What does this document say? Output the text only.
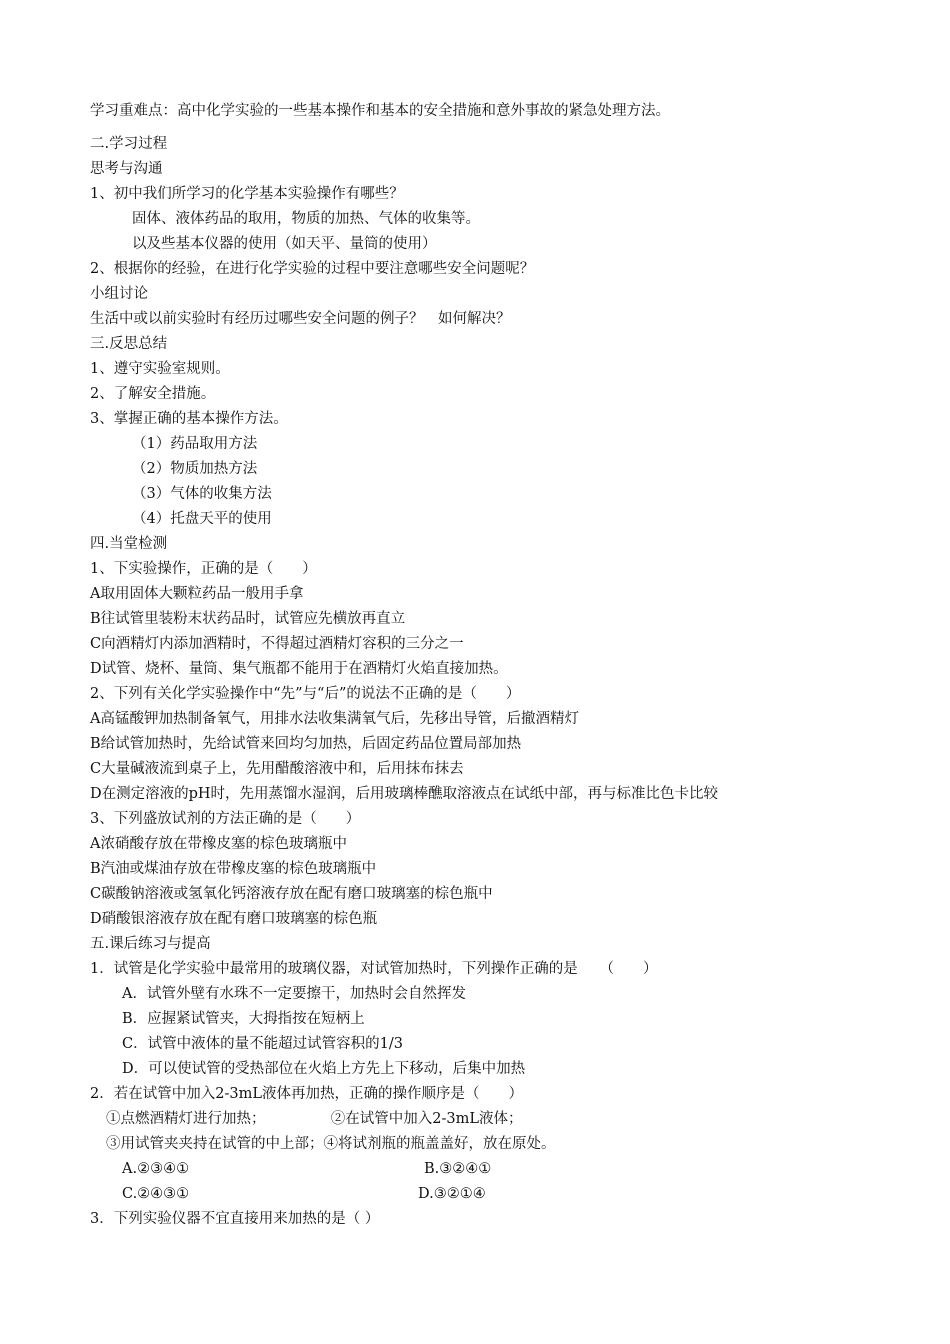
学习重难点：高中化学实验的一些基本操作和基本的安全措施和意外事故的紧急处理方法。
二.学习过程
思考与沟通
1、初中我们所学习的化学基本实验操作有哪些？
固体、液体药品的取用，物质的加热、气体的收集等。
以及些基本仪器的使用（如天平、量筒的使用）
2、根据你的经验，在进行化学实验的过程中要注意哪些安全问题呢？
小组讨论
生活中或以前实验时有经历过哪些安全问题的例子？　如何解决？
三.反思总结
1、遵守实验室规则。
2、了解安全措施。
3、掌握正确的基本操作方法。
（1）药品取用方法
（2）物质加热方法
（3）气体的收集方法
（4）托盘天平的使用
四.当堂检测
1、下实验操作，正确的是（　　）
A取用固体大颗粒药品一般用手拿
B往试管里装粉末状药品时，试管应先横放再直立
C向酒精灯内添加酒精时，不得超过酒精灯容积的三分之一
D试管、烧杯、量筒、集气瓶都不能用于在酒精灯火焰直接加热。
2、下列有关化学实验操作中“先”与“后”的说法不正确的是（　　）
A高锰酸钾加热制备氧气，用排水法收集满氧气后，先移出导管，后撤酒精灯
B给试管加热时，先给试管来回均匀加热，后固定药品位置局部加热
C大量碱液流到桌子上，先用醋酸溶液中和，后用抹布抹去
D在测定溶液的pH时，先用蒸馏水湿润，后用玻璃棒醮取溶液点在试纸中部，再与标准比色卡比较
3、下列盛放试剂的方法正确的是（　　）
A浓硝酸存放在带橡皮塞的棕色玻璃瓶中
B汽油或煤油存放在带橡皮塞的棕色玻璃瓶中
C碳酸钠溶液或氢氧化钙溶液存放在配有磨口玻璃塞的棕色瓶中
D硝酸银溶液存放在配有磨口玻璃塞的棕色瓶
五.课后练习与提高
1．试管是化学实验中最常用的玻璃仪器，对试管加热时，下列操作正确的是　　（　　）
A．试管外壁有水珠不一定要擦干，加热时会自然挥发
B．应握紧试管夹，大拇指按在短柄上
C．试管中液体的量不能超过试管容积的1/3
D．可以使试管的受热部位在火焰上方先上下移动，后集中加热
2．若在试管中加入2-3mL液体再加热，正确的操作顺序是（　　）
①点燃酒精灯进行加热；　　　　　②在试管中加入2-3mL液体；
③用试管夹夹持在试管的中上部；④将试剂瓶的瓶盖盖好，放在原处。
A.②③④①	B.③②④①
C.②④③①	D.③②①④
3．下列实验仪器不宜直接用来加热的是（ ）
